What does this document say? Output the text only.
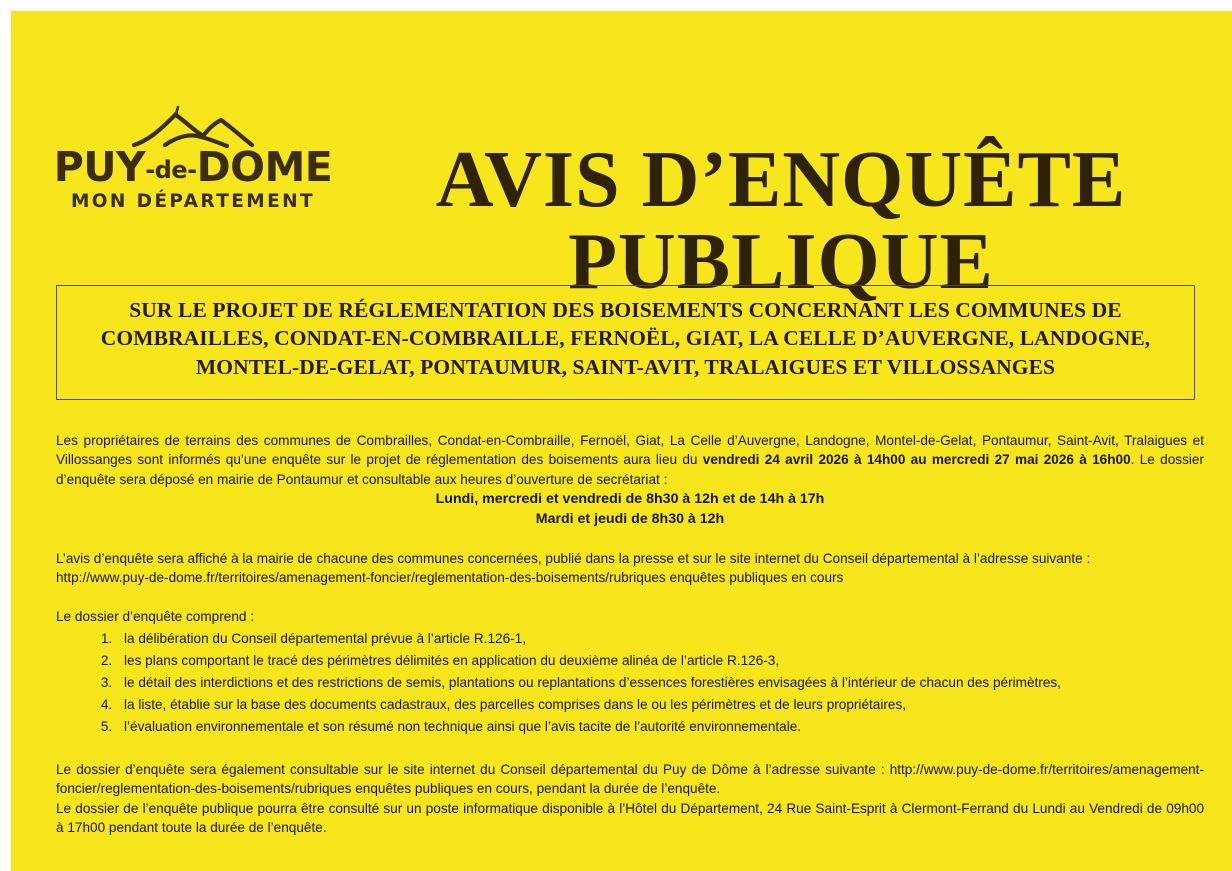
PUY-de-DOME
MON DÉPARTEMENT	AVIS D’ENQUÊTE
PUBLIQUE
SUR LE PROJET DE RÉGLEMENTATION DES BOISEMENTS CONCERNANT LES COMMUNES DE COMBRAILLES, CONDAT-EN-COMBRAILLE, FERNOËL, GIAT, LA CELLE D’AUVERGNE, LANDOGNE, MONTEL-DE-GELAT, PONTAUMUR, SAINT-AVIT, TRALAIGUES ET VILLOSSANGES

Les propriétaires de terrains des communes de Combrailles, Condat-en-Combraille, Fernoël, Giat, La Celle d’Auvergne, Landogne, Montel-de-Gelat, Pontaumur, Saint-Avit, Tralaigues et Villossanges sont informés qu’une enquête sur le projet de réglementation des boisements aura lieu du vendredi 24 avril 2026 à 14h00 au mercredi 27 mai 2026 à 16h00. Le dossier d’enquête sera déposé en mairie de Pontaumur et consultable aux heures d’ouverture de secrétariat :

Lundi, mercredi et vendredi de 8h30 à 12h et de 14h à 17h
Mardi et jeudi de 8h30 à 12h

L’avis d’enquête sera affiché à la mairie de chacune des communes concernées, publié dans la presse et sur le site internet du Conseil départemental à l’adresse suivante :

http://www.puy-de-dome.fr/territoires/amenagement-foncier/reglementation-des-boisements/rubriques enquêtes publiques en cours

Le dossier d’enquête comprend :

1. la délibération du Conseil départemental prévue à l’article R.126-1,
2. les plans comportant le tracé des périmètres délimités en application du deuxième alinéa de l’article R.126-3,
3. le détail des interdictions et des restrictions de semis, plantations ou replantations d’essences forestières envisagées à l’intérieur de chacun des périmètres,
4. la liste, établie sur la base des documents cadastraux, des parcelles comprises dans le ou les périmètres et de leurs propriétaires,
5. l’évaluation environnementale et son résumé non technique ainsi que l’avis tacite de l’autorité environnementale.

Le dossier d’enquête sera également consultable sur le site internet du Conseil départemental du Puy de Dôme à l’adresse suivante : http://www.puy-de-dome.fr/territoires/amenagement-foncier/reglementation-des-boisements/rubriques enquêtes publiques en cours, pendant la durée de l’enquête.

Le dossier de l’enquête publique pourra être consulté sur un poste informatique disponible à l’Hôtel du Département, 24 Rue Saint-Esprit à Clermont-Ferrand du Lundi au Vendredi de 09h00 à 17h00 pendant toute la durée de l’enquête.
